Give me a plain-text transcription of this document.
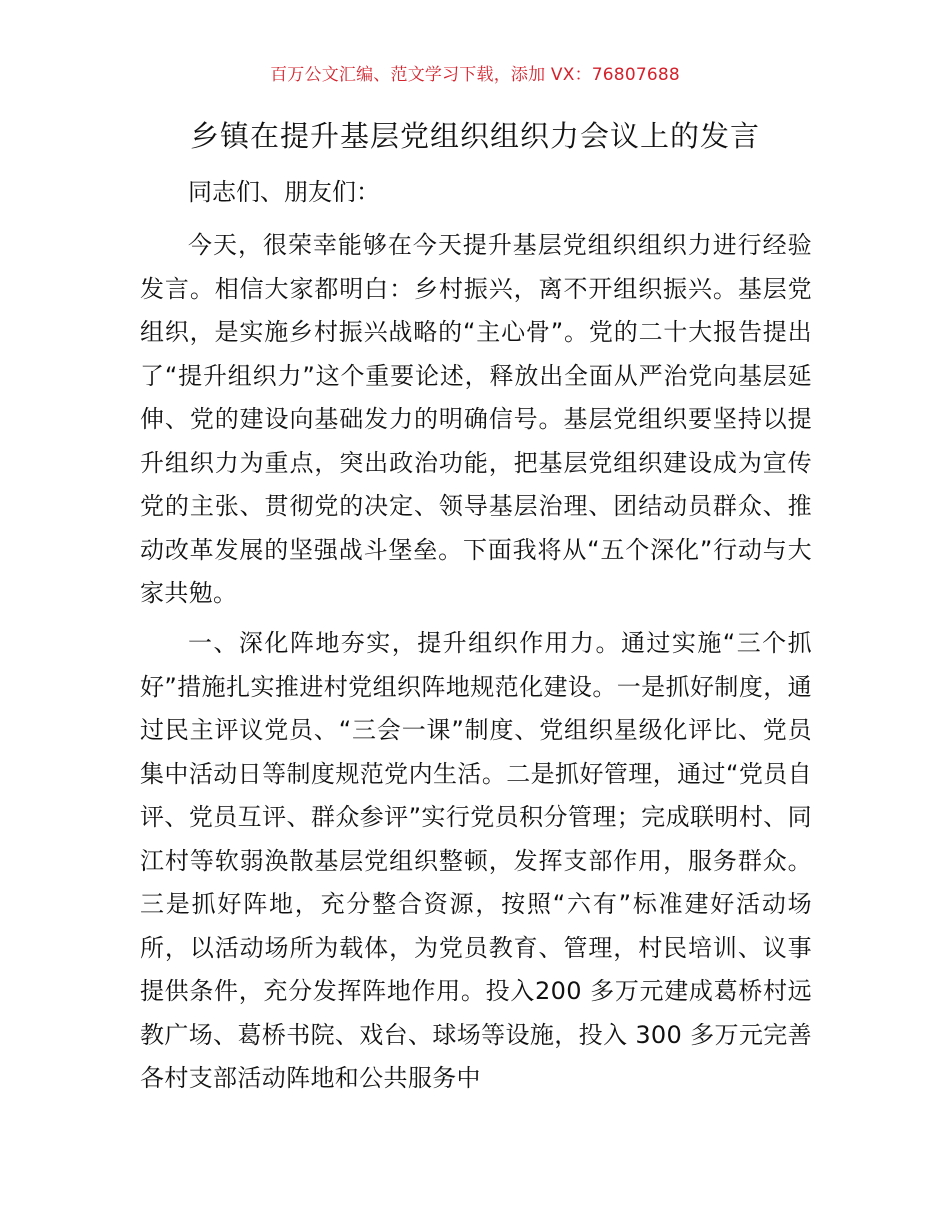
百万公文汇编、范文学习下载，添加 VX：76807688
乡镇在提升基层党组织组织力会议上的发言
同志们、朋友们：

今天，很荣幸能够在今天提升基层党组织组织力进行经验发言。相信大家都明白：乡村振兴，离不开组织振兴。基层党组织，是实施乡村振兴战略的“主心骨”。党的二十大报告提出了“提升组织力”这个重要论述，释放出全面从严治党向基层延伸、党的建设向基础发力的明确信号。基层党组织要坚持以提升组织力为重点，突出政治功能，把基层党组织建设成为宣传党的主张、贯彻党的决定、领导基层治理、团结动员群众、推动改革发展的坚强战斗堡垒。下面我将从“五个深化”行动与大家共勉。

一、深化阵地夯实，提升组织作用力。通过实施“三个抓好”措施扎实推进村党组织阵地规范化建设。一是抓好制度，通过民主评议党员、“三会一课”制度、党组织星级化评比、党员集中活动日等制度规范党内生活。二是抓好管理，通过“党员自评、党员互评、群众参评”实行党员积分管理；完成联明村、同江村等软弱涣散基层党组织整顿，发挥支部作用，服务群众。三是抓好阵地，充分整合资源，按照“六有”标准建好活动场所，以活动场所为载体，为党员教育、管理，村民培训、议事提供条件，充分发挥阵地作用。投入200 多万元建成葛桥村远教广场、葛桥书院、戏台、球场等设施，投入 300 多万元完善各村支部活动阵地和公共服务中
